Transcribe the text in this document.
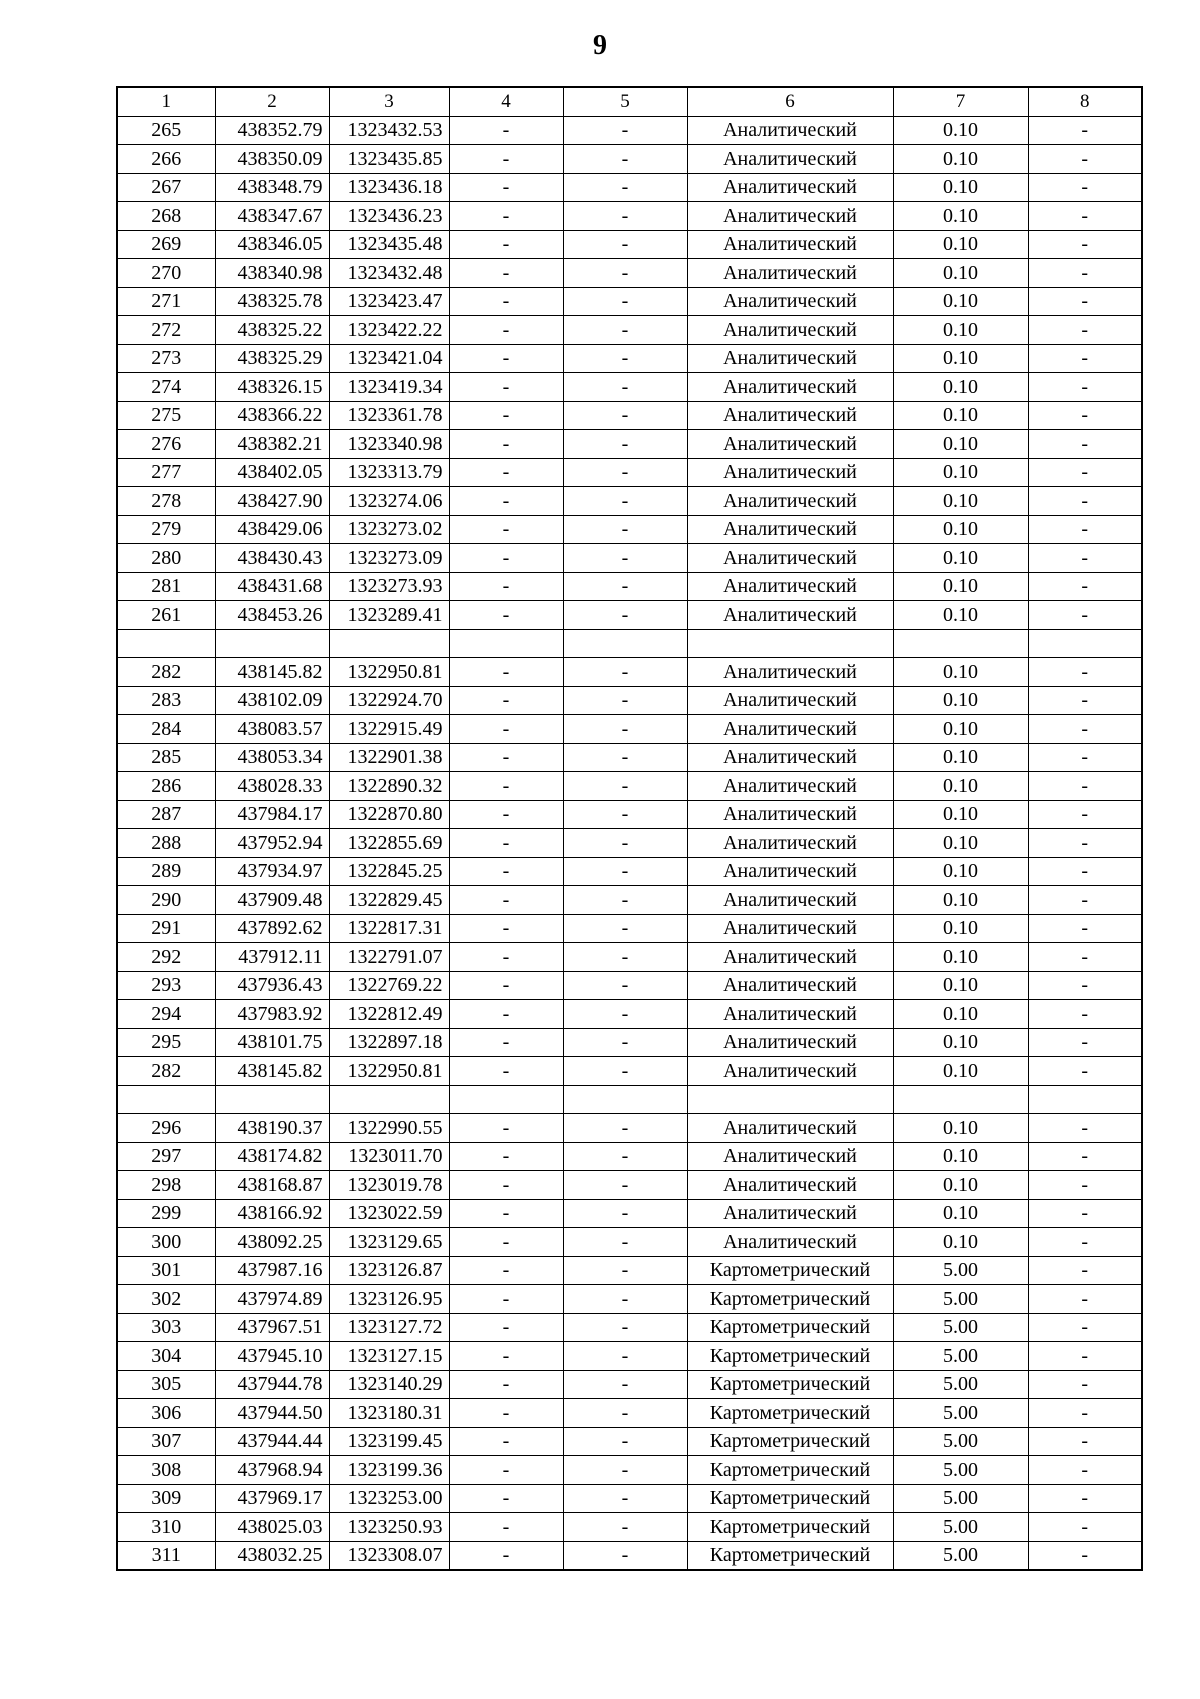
9
1	2	3	4	5	6	7	8
265	438352.79	1323432.53	-	-	Аналитический	0.10	-
266	438350.09	1323435.85	-	-	Аналитический	0.10	-
267	438348.79	1323436.18	-	-	Аналитический	0.10	-
268	438347.67	1323436.23	-	-	Аналитический	0.10	-
269	438346.05	1323435.48	-	-	Аналитический	0.10	-
270	438340.98	1323432.48	-	-	Аналитический	0.10	-
271	438325.78	1323423.47	-	-	Аналитический	0.10	-
272	438325.22	1323422.22	-	-	Аналитический	0.10	-
273	438325.29	1323421.04	-	-	Аналитический	0.10	-
274	438326.15	1323419.34	-	-	Аналитический	0.10	-
275	438366.22	1323361.78	-	-	Аналитический	0.10	-
276	438382.21	1323340.98	-	-	Аналитический	0.10	-
277	438402.05	1323313.79	-	-	Аналитический	0.10	-
278	438427.90	1323274.06	-	-	Аналитический	0.10	-
279	438429.06	1323273.02	-	-	Аналитический	0.10	-
280	438430.43	1323273.09	-	-	Аналитический	0.10	-
281	438431.68	1323273.93	-	-	Аналитический	0.10	-
261	438453.26	1323289.41	-	-	Аналитический	0.10	-

282	438145.82	1322950.81	-	-	Аналитический	0.10	-
283	438102.09	1322924.70	-	-	Аналитический	0.10	-
284	438083.57	1322915.49	-	-	Аналитический	0.10	-
285	438053.34	1322901.38	-	-	Аналитический	0.10	-
286	438028.33	1322890.32	-	-	Аналитический	0.10	-
287	437984.17	1322870.80	-	-	Аналитический	0.10	-
288	437952.94	1322855.69	-	-	Аналитический	0.10	-
289	437934.97	1322845.25	-	-	Аналитический	0.10	-
290	437909.48	1322829.45	-	-	Аналитический	0.10	-
291	437892.62	1322817.31	-	-	Аналитический	0.10	-
292	437912.11	1322791.07	-	-	Аналитический	0.10	-
293	437936.43	1322769.22	-	-	Аналитический	0.10	-
294	437983.92	1322812.49	-	-	Аналитический	0.10	-
295	438101.75	1322897.18	-	-	Аналитический	0.10	-
282	438145.82	1322950.81	-	-	Аналитический	0.10	-

296	438190.37	1322990.55	-	-	Аналитический	0.10	-
297	438174.82	1323011.70	-	-	Аналитический	0.10	-
298	438168.87	1323019.78	-	-	Аналитический	0.10	-
299	438166.92	1323022.59	-	-	Аналитический	0.10	-
300	438092.25	1323129.65	-	-	Аналитический	0.10	-
301	437987.16	1323126.87	-	-	Картометрический	5.00	-
302	437974.89	1323126.95	-	-	Картометрический	5.00	-
303	437967.51	1323127.72	-	-	Картометрический	5.00	-
304	437945.10	1323127.15	-	-	Картометрический	5.00	-
305	437944.78	1323140.29	-	-	Картометрический	5.00	-
306	437944.50	1323180.31	-	-	Картометрический	5.00	-
307	437944.44	1323199.45	-	-	Картометрический	5.00	-
308	437968.94	1323199.36	-	-	Картометрический	5.00	-
309	437969.17	1323253.00	-	-	Картометрический	5.00	-
310	438025.03	1323250.93	-	-	Картометрический	5.00	-
311	438032.25	1323308.07	-	-	Картометрический	5.00	-
